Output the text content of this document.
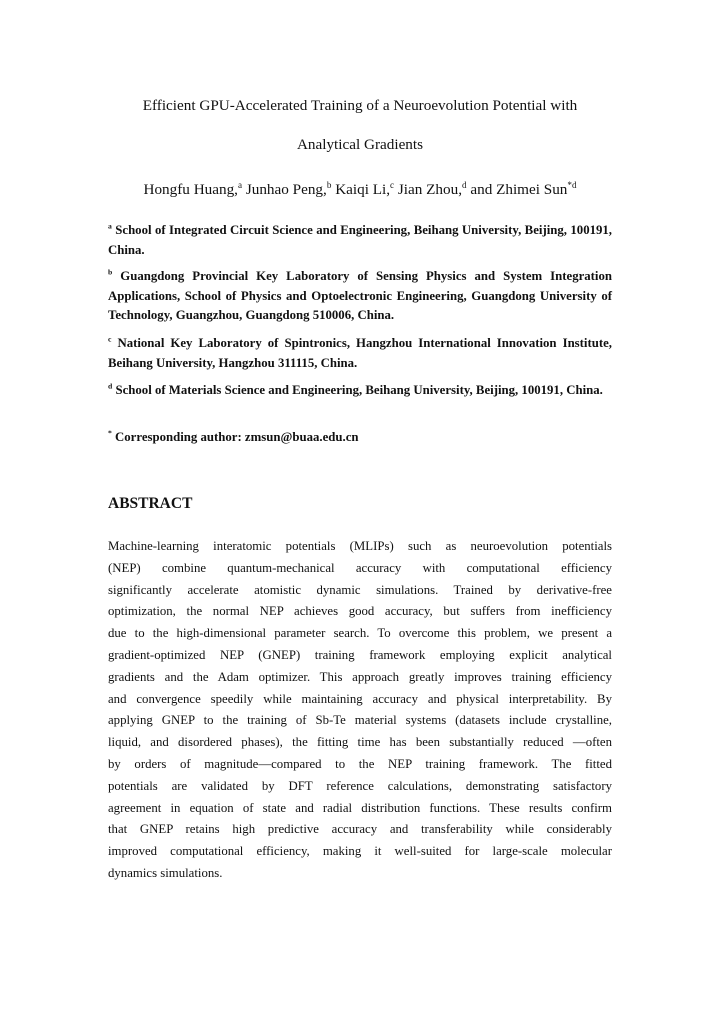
Efficient GPU-Accelerated Training of a Neuroevolution Potential with
Analytical Gradients
Hongfu Huang,$^a$ Junhao Peng,$^b$ Kaiqi Li,$^c$ Jian Zhou,$^d$ and Zhimei Sun$^{*d}$
$^a$ School of Integrated Circuit Science and Engineering, Beihang University, Beijing, 100191, China.
$^b$ Guangdong Provincial Key Laboratory of Sensing Physics and System Integration Applications, School of Physics and Optoelectronic Engineering, Guangdong University of Technology, Guangzhou, Guangdong 510006, China.
$^c$ National Key Laboratory of Spintronics, Hangzhou International Innovation Institute, Beihang University, Hangzhou 311115, China.
$^d$ School of Materials Science and Engineering, Beihang University, Beijing, 100191, China.
* Corresponding author: zmsun@buaa.edu.cn
ABSTRACT

Machine-learning interatomic potentials (MLIPs) such as neuroevolution potentials
(NEP) combine quantum-mechanical accuracy with computational efficiency
significantly accelerate atomistic dynamic simulations. Trained by derivative-free
optimization, the normal NEP achieves good accuracy, but suffers from inefficiency
due to the high-dimensional parameter search. To overcome this problem, we present a
gradient-optimized NEP (GNEP) training framework employing explicit analytical
gradients and the Adam optimizer. This approach greatly improves training efficiency
and convergence speedily while maintaining accuracy and physical interpretability. By
applying GNEP to the training of Sb-Te material systems (datasets include crystalline,
liquid, and disordered phases), the fitting time has been substantially reduced —often
by orders of magnitude—compared to the NEP training framework. The fitted
potentials are validated by DFT reference calculations, demonstrating satisfactory
agreement in equation of state and radial distribution functions. These results confirm
that GNEP retains high predictive accuracy and transferability while considerably
improved computational efficiency, making it well-suited for large-scale molecular
dynamics simulations.
